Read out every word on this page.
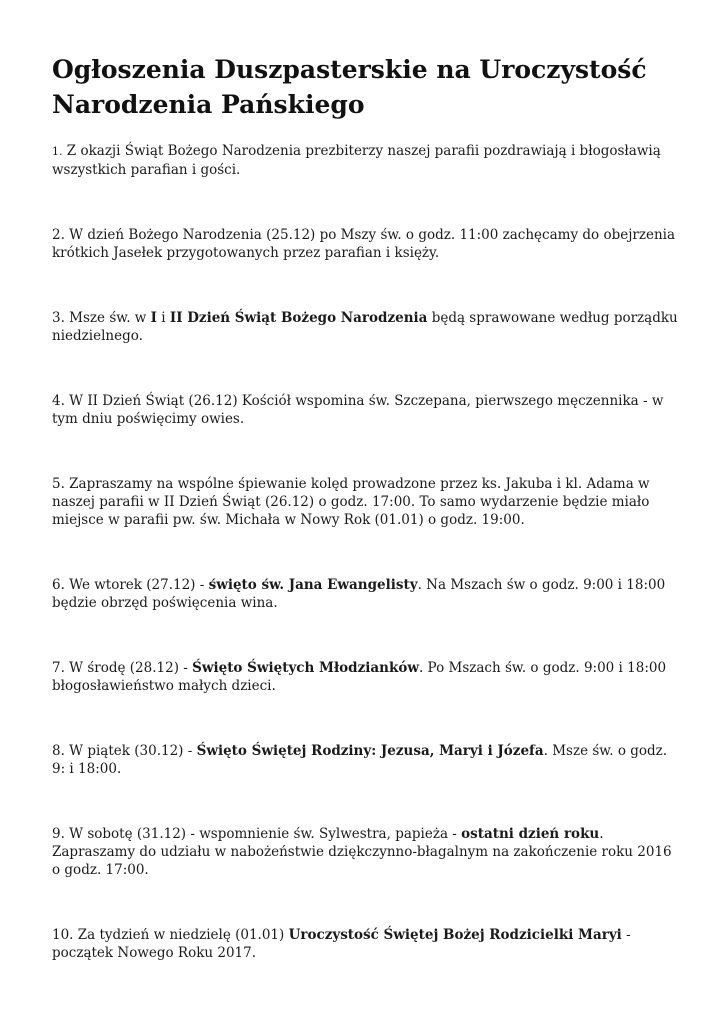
Ogłoszenia Duszpasterskie na Uroczystość Narodzenia Pańskiego

1. Z okazji Świąt Bożego Narodzenia prezbiterzy naszej parafii pozdrawiają i błogosławią wszystkich parafian i gości.

2. W dzień Bożego Narodzenia (25.12) po Mszy św. o godz. 11:00 zachęcamy do obejrzenia krótkich Jasełek przygotowanych przez parafian i księży.

3. Msze św. w I i II Dzień Świąt Bożego Narodzenia będą sprawowane według porządku niedzielnego.

4. W II Dzień Świąt (26.12) Kościół wspomina św. Szczepana, pierwszego męczennika - w tym dniu poświęcimy owies.

5. Zapraszamy na wspólne śpiewanie kolęd prowadzone przez ks. Jakuba i kl. Adama w naszej parafii w II Dzień Świąt (26.12) o godz. 17:00. To samo wydarzenie będzie miało miejsce w parafii pw. św. Michała w Nowy Rok (01.01) o godz. 19:00.

6. We wtorek (27.12) - święto św. Jana Ewangelisty. Na Mszach św o godz. 9:00 i 18:00 będzie obrzęd poświęcenia wina.

7. W środę (28.12) - Święto Świętych Młodzianków. Po Mszach św. o godz. 9:00 i 18:00 błogosławieństwo małych dzieci.

8. W piątek (30.12) - Święto Świętej Rodziny: Jezusa, Maryi i Józefa. Msze św. o godz. 9: i 18:00.

9. W sobotę (31.12) - wspomnienie św. Sylwestra, papieża - ostatni dzień roku. Zapraszamy do udziału w nabożeństwie dziękczynno-błagalnym na zakończenie roku 2016 o godz. 17:00.

10. Za tydzień w niedzielę (01.01) Uroczystość Świętej Bożej Rodzicielki Maryi - początek Nowego Roku 2017.
